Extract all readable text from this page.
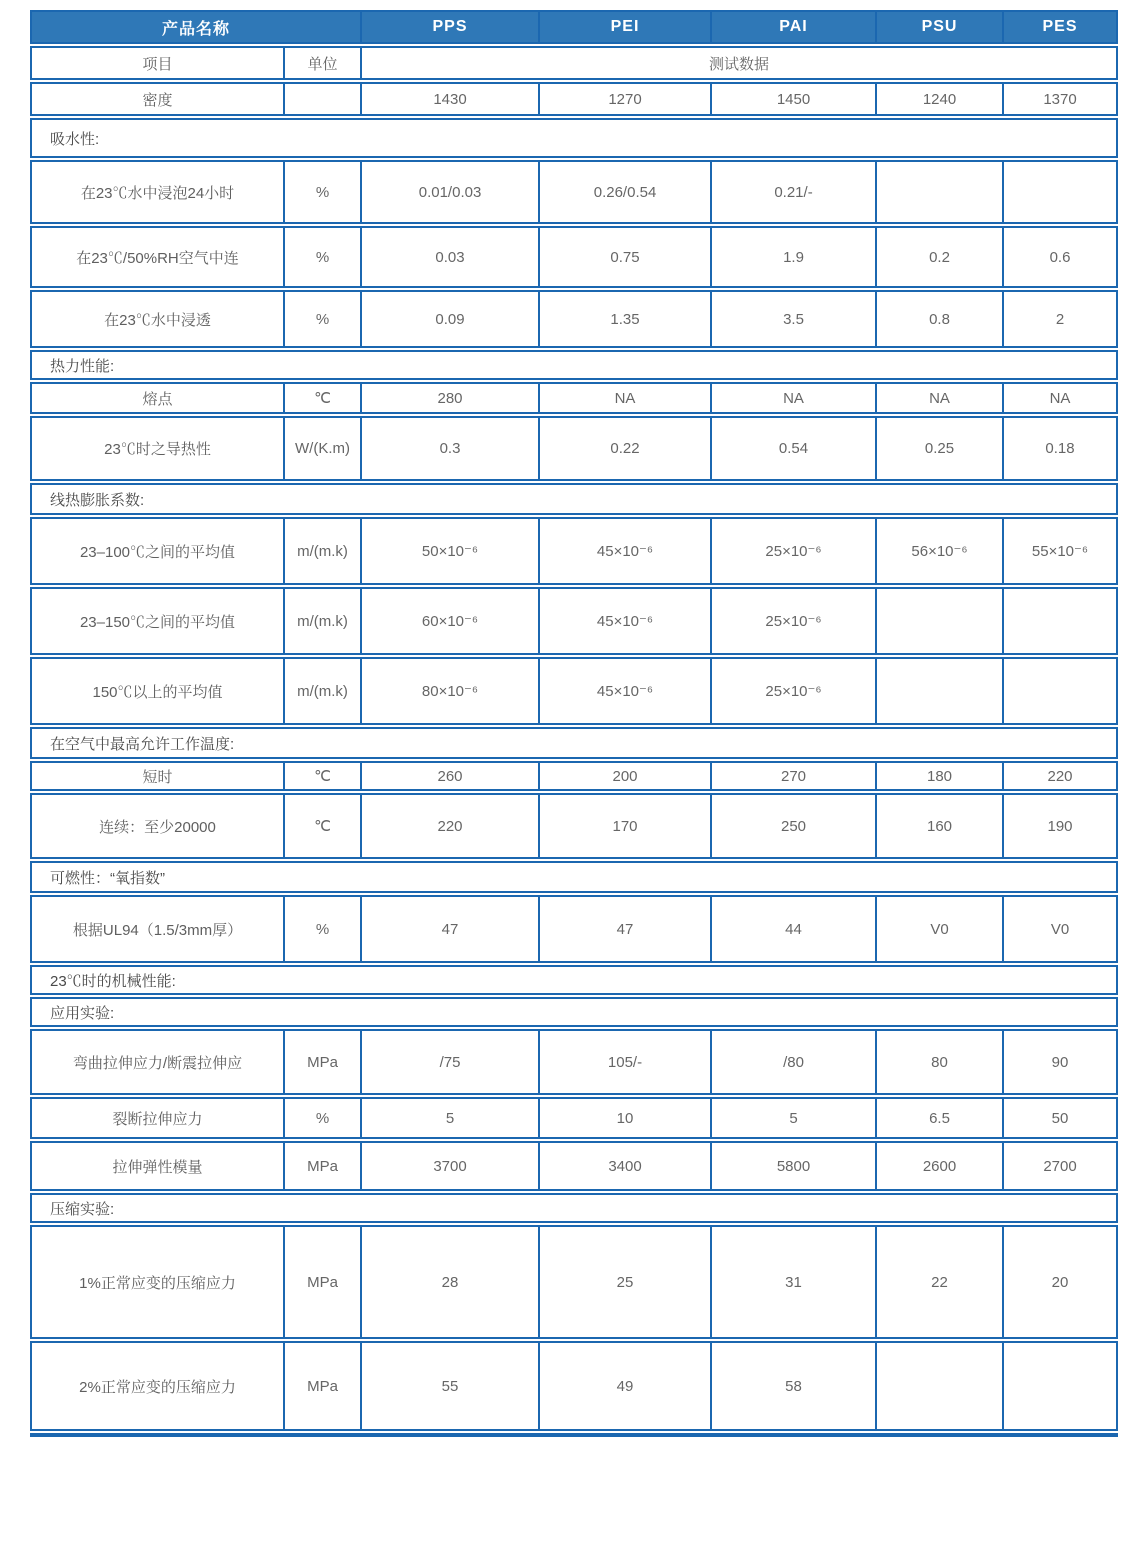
产品名称		PPS	PEI	PAI	PSU	PES
项目	单位	测试数据				
密度		1430	1270	1450	1240	1370
吸水性:						
在23℃水中浸泡24小时	%	0.01/0.03	0.26/0.54	0.21/-		
在23℃/50%RH空气中连	%	0.03	0.75	1.9	0.2	0.6
在23℃水中浸透	%	0.09	1.35	3.5	0.8	2
热力性能:						
熔点	℃	280	NA	NA	NA	NA
23℃时之导热性	W/(K.m)	0.3	0.22	0.54	0.25	0.18
线热膨胀系数:						
23–100℃之间的平均值	m/(m.k)	50×10⁻⁶	45×10⁻⁶	25×10⁻⁶	56×10⁻⁶	55×10⁻⁶
23–150℃之间的平均值	m/(m.k)	60×10⁻⁶	45×10⁻⁶	25×10⁻⁶		
150℃以上的平均值	m/(m.k)	80×10⁻⁶	45×10⁻⁶	25×10⁻⁶		
在空气中最高允许工作温度:						
短时	℃	260	200	270	180	220
连续：至少20000	℃	220	170	250	160	190
可燃性：“氧指数”						
根据UL94（1.5/3mm厚）	%	47	47	44	V0	V0
23℃时的机械性能:						
应用实验:						
弯曲拉伸应力/断震拉伸应	MPa	/75	105/-	/80	80	90
裂断拉伸应力	%	5	10	5	6.5	50
拉伸弹性模量	MPa	3700	3400	5800	2600	2700
压缩实验:						
1%正常应变的压缩应力	MPa	28	25	31	22	20
2%正常应变的压缩应力	MPa	55	49	58		
